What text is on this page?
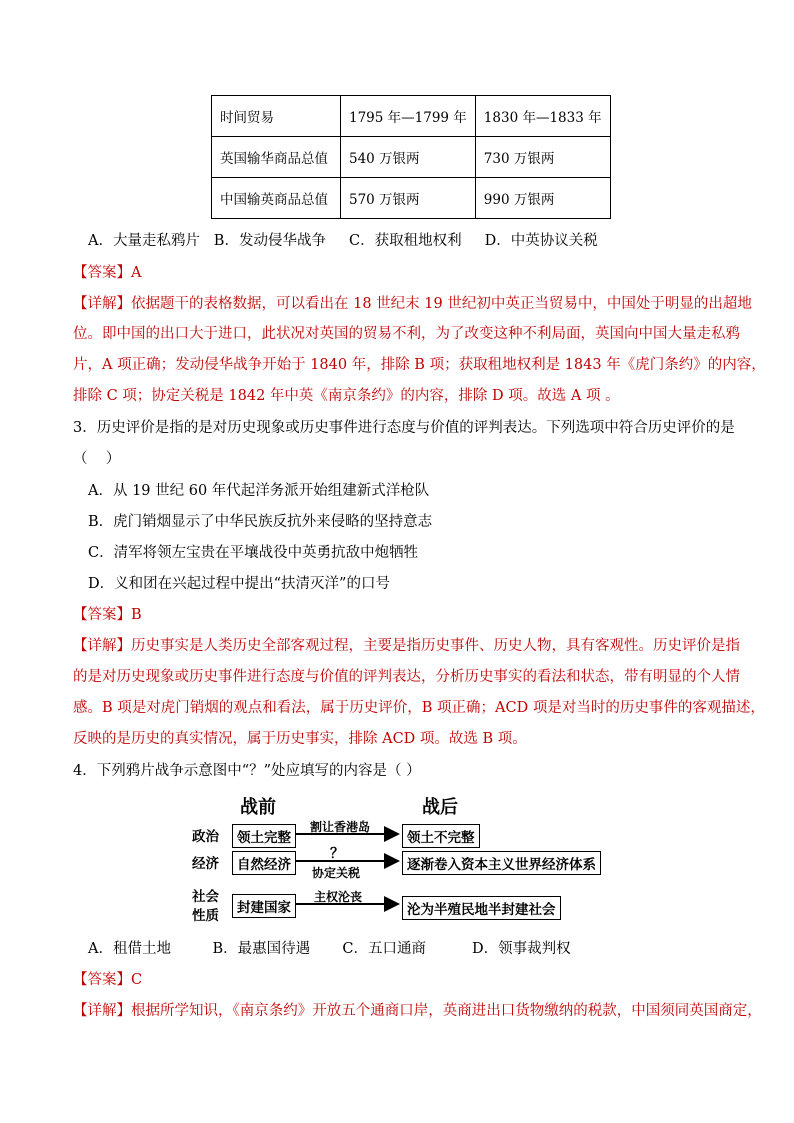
时间贸易	1795 年—1799 年	1830 年—1833 年
英国输华商品总值	540 万银两	730 万银两
中国输英商品总值	570 万银两	990 万银两
A．大量走私鸦片   B．发动侵华战争     C．获取租地权利     D．中英协议关税
【答案】A
【详解】依据题干的表格数据，可以看出在 18 世纪末 19 世纪初中英正当贸易中，中国处于明显的出超地
位。即中国的出口大于进口，此状况对英国的贸易不利，为了改变这种不利局面，英国向中国大量走私鸦
片，A 项正确；发动侵华战争开始于 1840 年，排除 B 项；获取租地权利是 1843 年《虎门条约》的内容，
排除 C 项；协定关税是 1842 年中英《南京条约》的内容，排除 D 项。故选 A 项 。
3．历史评价是指的是对历史现象或历史事件进行态度与价值的评判表达。下列选项中符合历史评价的是
（    ）
A．从 19 世纪 60 年代起洋务派开始组建新式洋枪队
B．虎门销烟显示了中华民族反抗外来侵略的坚持意志
C．清军将领左宝贵在平壤战役中英勇抗敌中炮牺牲
D．义和团在兴起过程中提出“扶清灭洋”的口号
【答案】B
【详解】历史事实是人类历史全部客观过程，主要是指历史事件、历史人物，具有客观性。历史评价是指
的是对历史现象或历史事件进行态度与价值的评判表达，分析历史事实的看法和状态，带有明显的个人情
感。B 项是对虎门销烟的观点和看法，属于历史评价，B 项正确；ACD 项是对当时的历史事件的客观描述，
反映的是历史的真实情况，属于历史事实，排除 ACD 项。故选 B 项。
4．下列鸦片战争示意图中“？”处应填写的内容是（ ）
战前	战后
政治	领土完整
割让香港岛
领土不完整
经济	自然经济
？
协定关税	逐渐卷入资本主义世界经济体系
社会
性质	封建国家
主权沦丧
沦为半殖民地半封建社会
A．租借土地         B．最惠国待遇       C．五口通商          D．领事裁判权
【答案】C
【详解】根据所学知识，《南京条约》开放五个通商口岸，英商进出口货物缴纳的税款，中国须同英国商定，
